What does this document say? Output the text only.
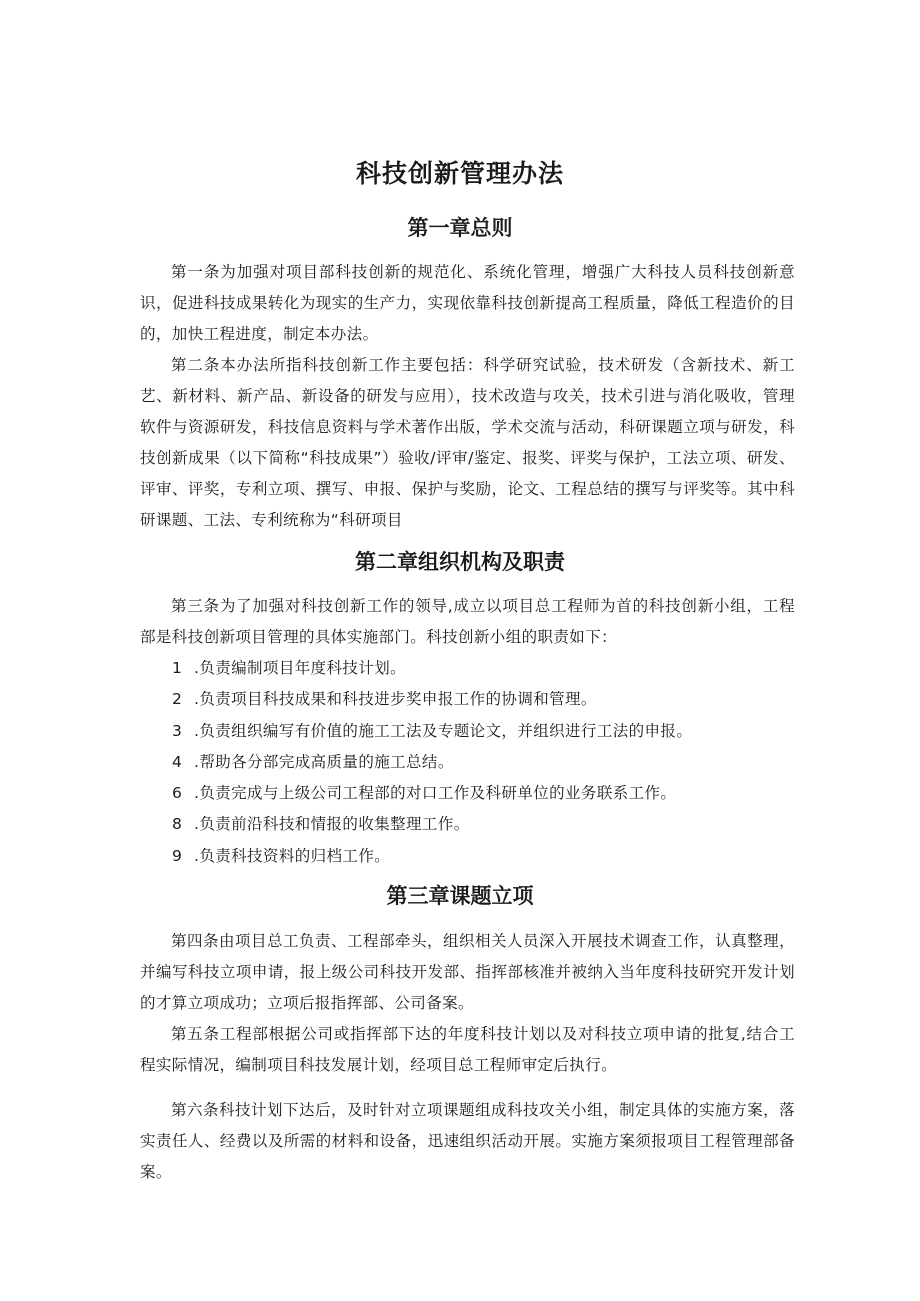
科技创新管理办法
第一章总则

第一条为加强对项目部科技创新的规范化、系统化管理，增强广大科技人员科技创新意识，促进科技成果转化为现实的生产力，实现依靠科技创新提高工程质量，降低工程造价的目的，加快工程进度，制定本办法。

第二条本办法所指科技创新工作主要包括：科学研究试验，技术研发（含新技术、新工艺、新材料、新产品、新设备的研发与应用），技术改造与攻关，技术引进与消化吸收，管理软件与资源研发，科技信息资料与学术著作出版，学术交流与活动，科研课题立项与研发，科技创新成果（以下简称“科技成果”）验收/评审/鉴定、报奖、评奖与保护，工法立项、研发、评审、评奖，专利立项、撰写、申报、保护与奖励，论文、工程总结的撰写与评奖等。其中科研课题、工法、专利统称为“科研项目

第二章组织机构及职责

第三条为了加强对科技创新工作的领导,成立以项目总工程师为首的科技创新小组，工程部是科技创新项目管理的具体实施部门。科技创新小组的职责如下：

1 .负责编制项目年度科技计划。
2 .负责项目科技成果和科技进步奖申报工作的协调和管理。
3 .负责组织编写有价值的施工工法及专题论文，并组织进行工法的申报。
4 .帮助各分部完成高质量的施工总结。
6 .负责完成与上级公司工程部的对口工作及科研单位的业务联系工作。
8 .负责前沿科技和情报的收集整理工作。
9 .负责科技资料的归档工作。
第三章课题立项

第四条由项目总工负责、工程部牵头，组织相关人员深入开展技术调查工作，认真整理，并编写科技立项申请，报上级公司科技开发部、指挥部核准并被纳入当年度科技研究开发计划的才算立项成功；立项后报指挥部、公司备案。

第五条工程部根据公司或指挥部下达的年度科技计划以及对科技立项申请的批复,结合工程实际情况，编制项目科技发展计划，经项目总工程师审定后执行。

第六条科技计划下达后，及时针对立项课题组成科技攻关小组，制定具体的实施方案，落实责任人、经费以及所需的材料和设备，迅速组织活动开展。实施方案须报项目工程管理部备案。
